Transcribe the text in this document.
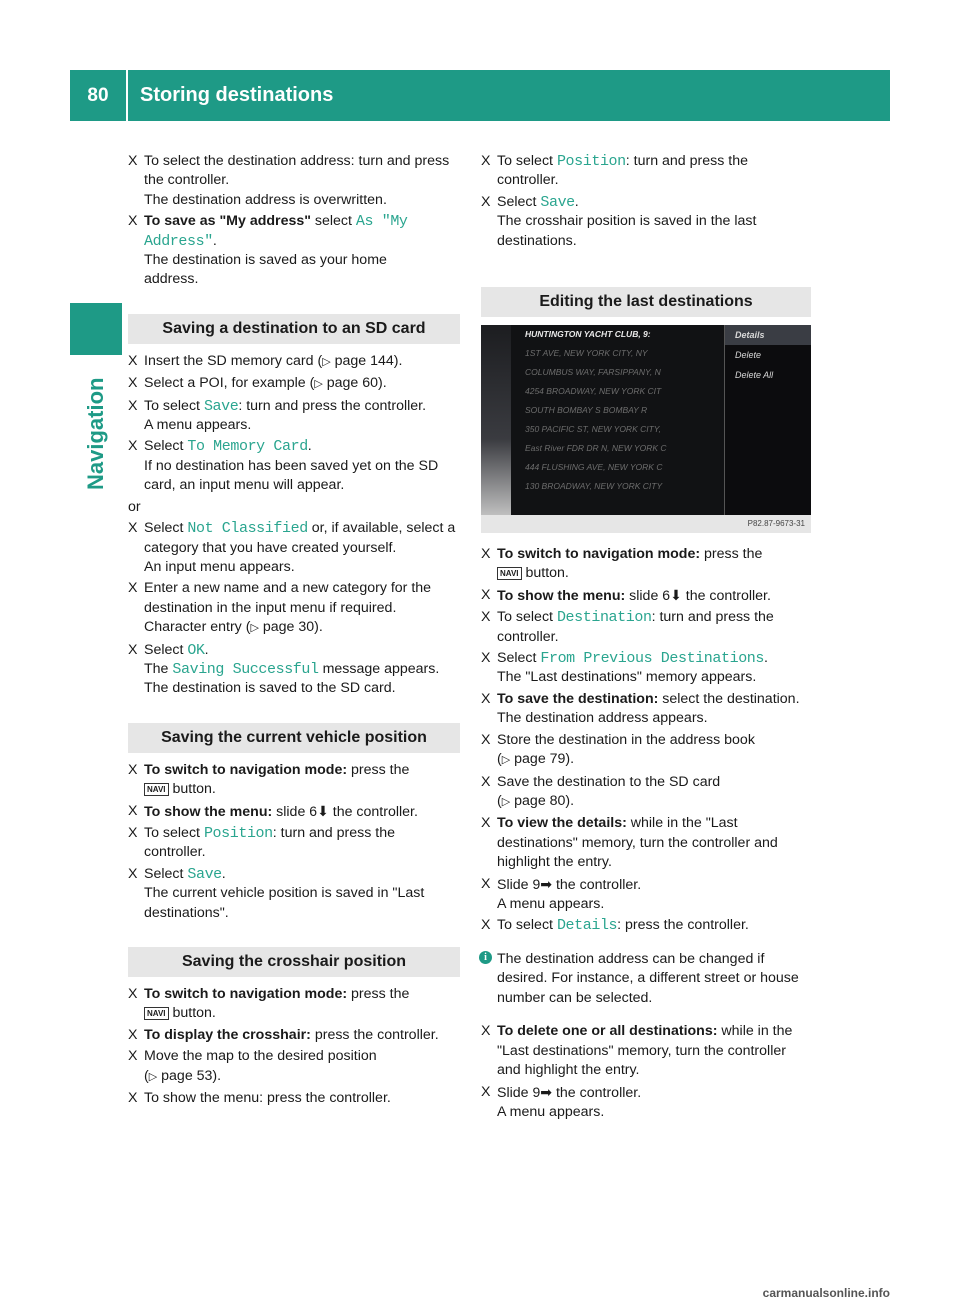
80	Storing destinations
Navigation
X To select the destination address: turn and press the controller.

The destination address is overwritten.

X To save as "My address" select As "My Address".

The destination is saved as your home

address.

Saving a destination to an SD card
X Insert the SD memory card (▷ page 144).

X Select a POI, for example (▷ page 60).

X To select Save: turn and press the controller.

A menu appears.

X Select To Memory Card.

If no destination has been saved yet on the SD card, an input menu will appear.

or

X Select Not Classified or, if available, select a category that you have created yourself.

An input menu appears.

X Enter a new name and a new category for the destination in the input menu if required.

Character entry (▷ page 30).

X Select OK.

The Saving Successful message appears.

The destination is saved to the SD card.

Saving the current vehicle position
X To switch to navigation mode: press the

NAVI button.

X To show the menu: slide 6⬇ the controller.

X To select Position: turn and press the controller.

X Select Save.

The current vehicle position is saved in "Last destinations".

Saving the crosshair position
X To switch to navigation mode: press the

NAVI button.

X To display the crosshair: press the controller.

X Move the map to the desired position

(▷ page 53).

X To show the menu: press the controller.

X To select Position: turn and press the controller.

X Select Save.

The crosshair position is saved in the last destinations.

Editing the last destinations
HUNTINGTON YACHT CLUB, 9:
1ST AVE, NEW YORK CITY, NY
COLUMBUS WAY, FARSIPPANY, N
4254 BROADWAY, NEW YORK CIT
SOUTH BOMBAY S BOMBAY R
350 PACIFIC ST, NEW YORK CITY,
East River FDR DR N, NEW YORK C
444 FLUSHING AVE, NEW YORK C
130 BROADWAY, NEW YORK CITY
Details
Delete
Delete All
P82.87-9673-31
X To switch to navigation mode: press the

NAVI button.

X To show the menu: slide 6⬇ the controller.

X To select Destination: turn and press the controller.

X Select From Previous Destinations.

The "Last destinations" memory appears.

X To save the destination: select the destination.

The destination address appears.

X Store the destination in the address book

(▷ page 79).

X Save the destination to the SD card

(▷ page 80).

X To view the details: while in the "Last destinations" memory, turn the controller and highlight the entry.

X Slide 9➡ the controller.

A menu appears.

X To select Details: press the controller.

i The destination address can be changed if desired. For instance, a different street or house number can be selected.

X To delete one or all destinations: while in the "Last destinations" memory, turn the controller and highlight the entry.

X Slide 9➡ the controller.

A menu appears.

carmanualsonline.info
